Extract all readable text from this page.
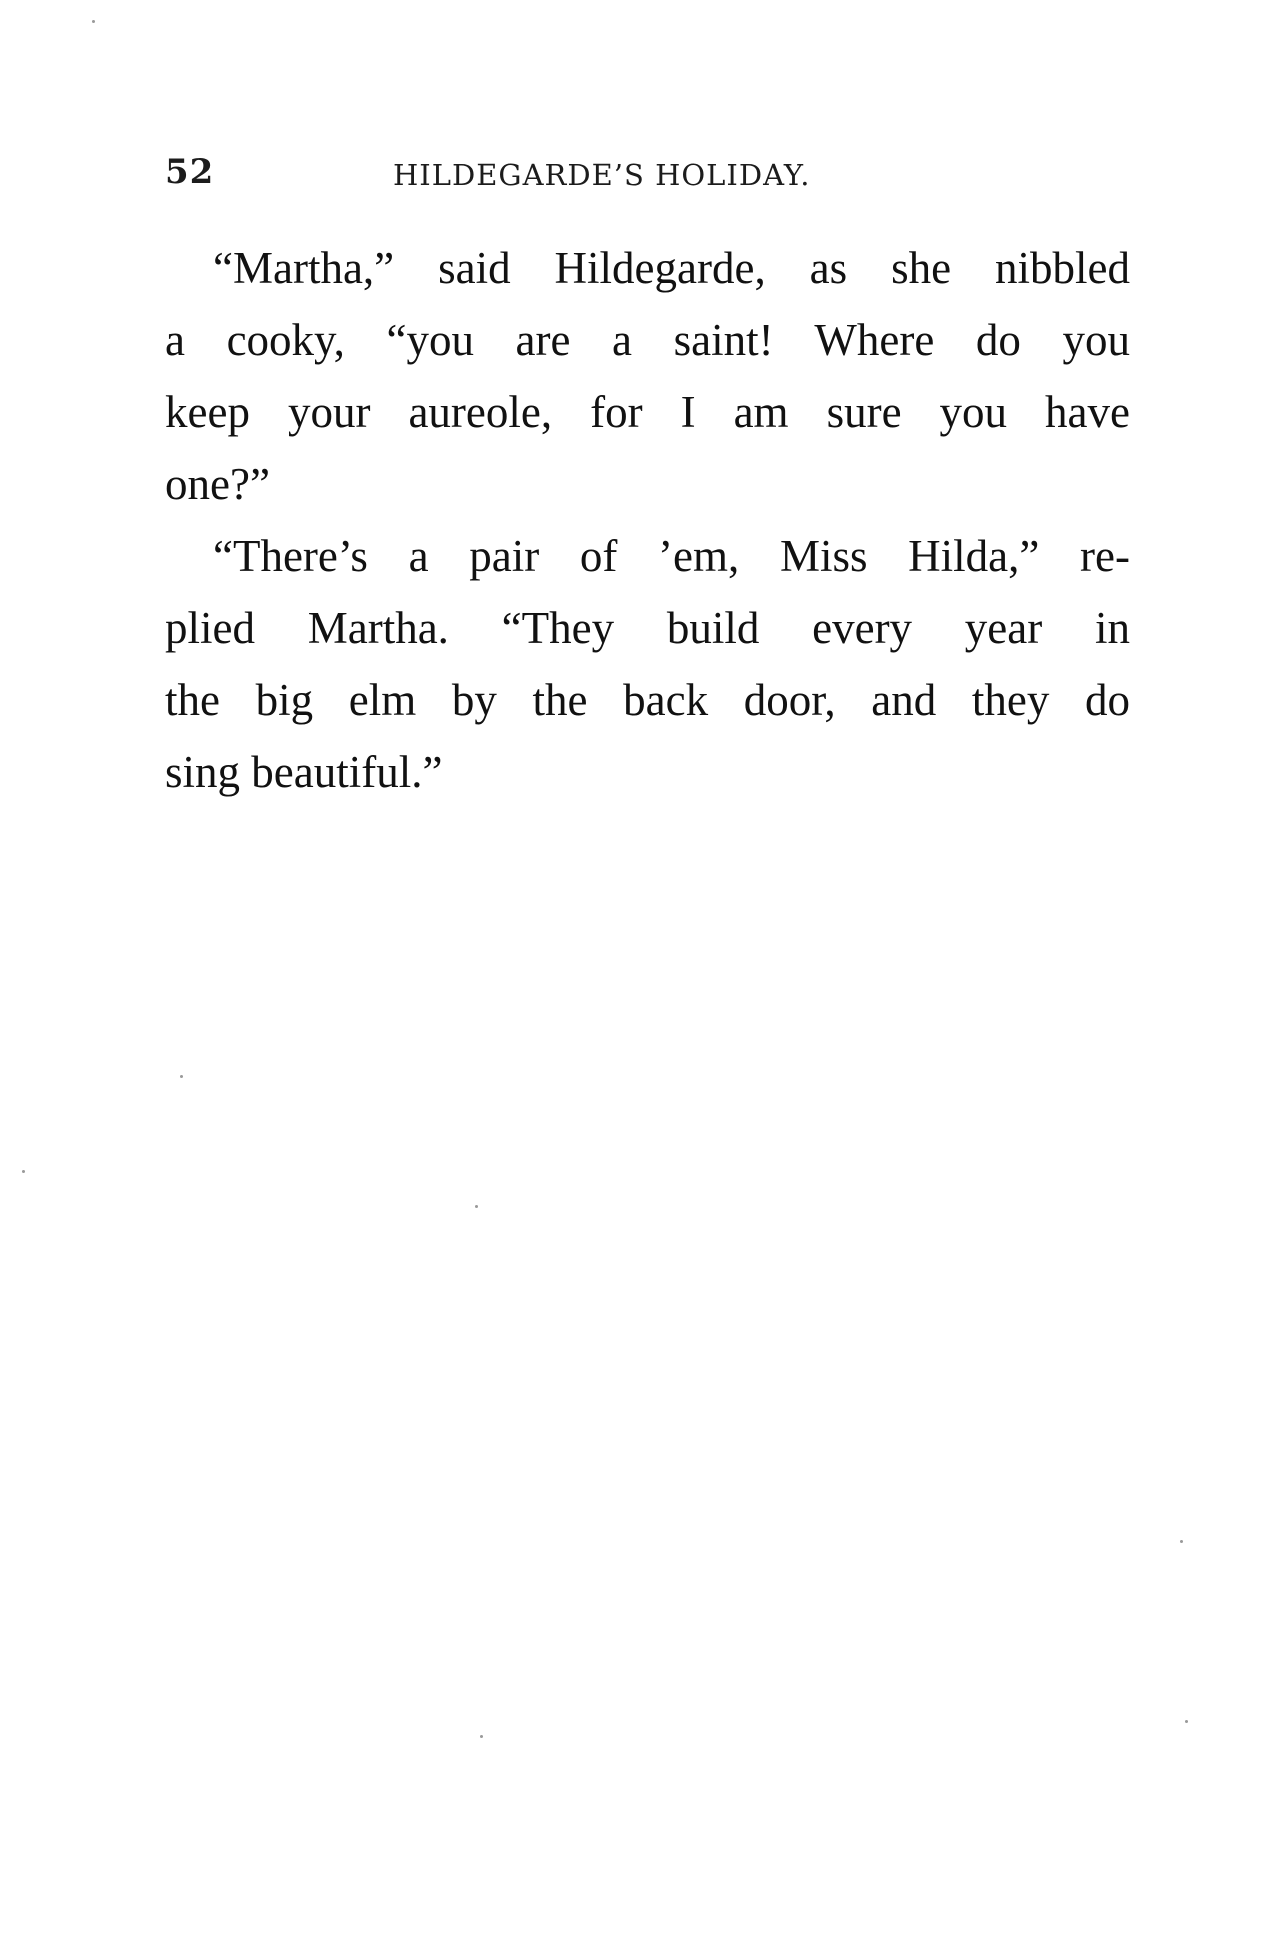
52	HILDEGARDE’S HOLIDAY.
“Martha,” said Hildegarde, as she nibbled
a cooky, “you are a saint! Where do you
keep your aureole, for I am sure you have
one?”
“There’s a pair of ’em, Miss Hilda,” re-
plied Martha. “They build every year in
the big elm by the back door, and they do
sing beautiful.”
